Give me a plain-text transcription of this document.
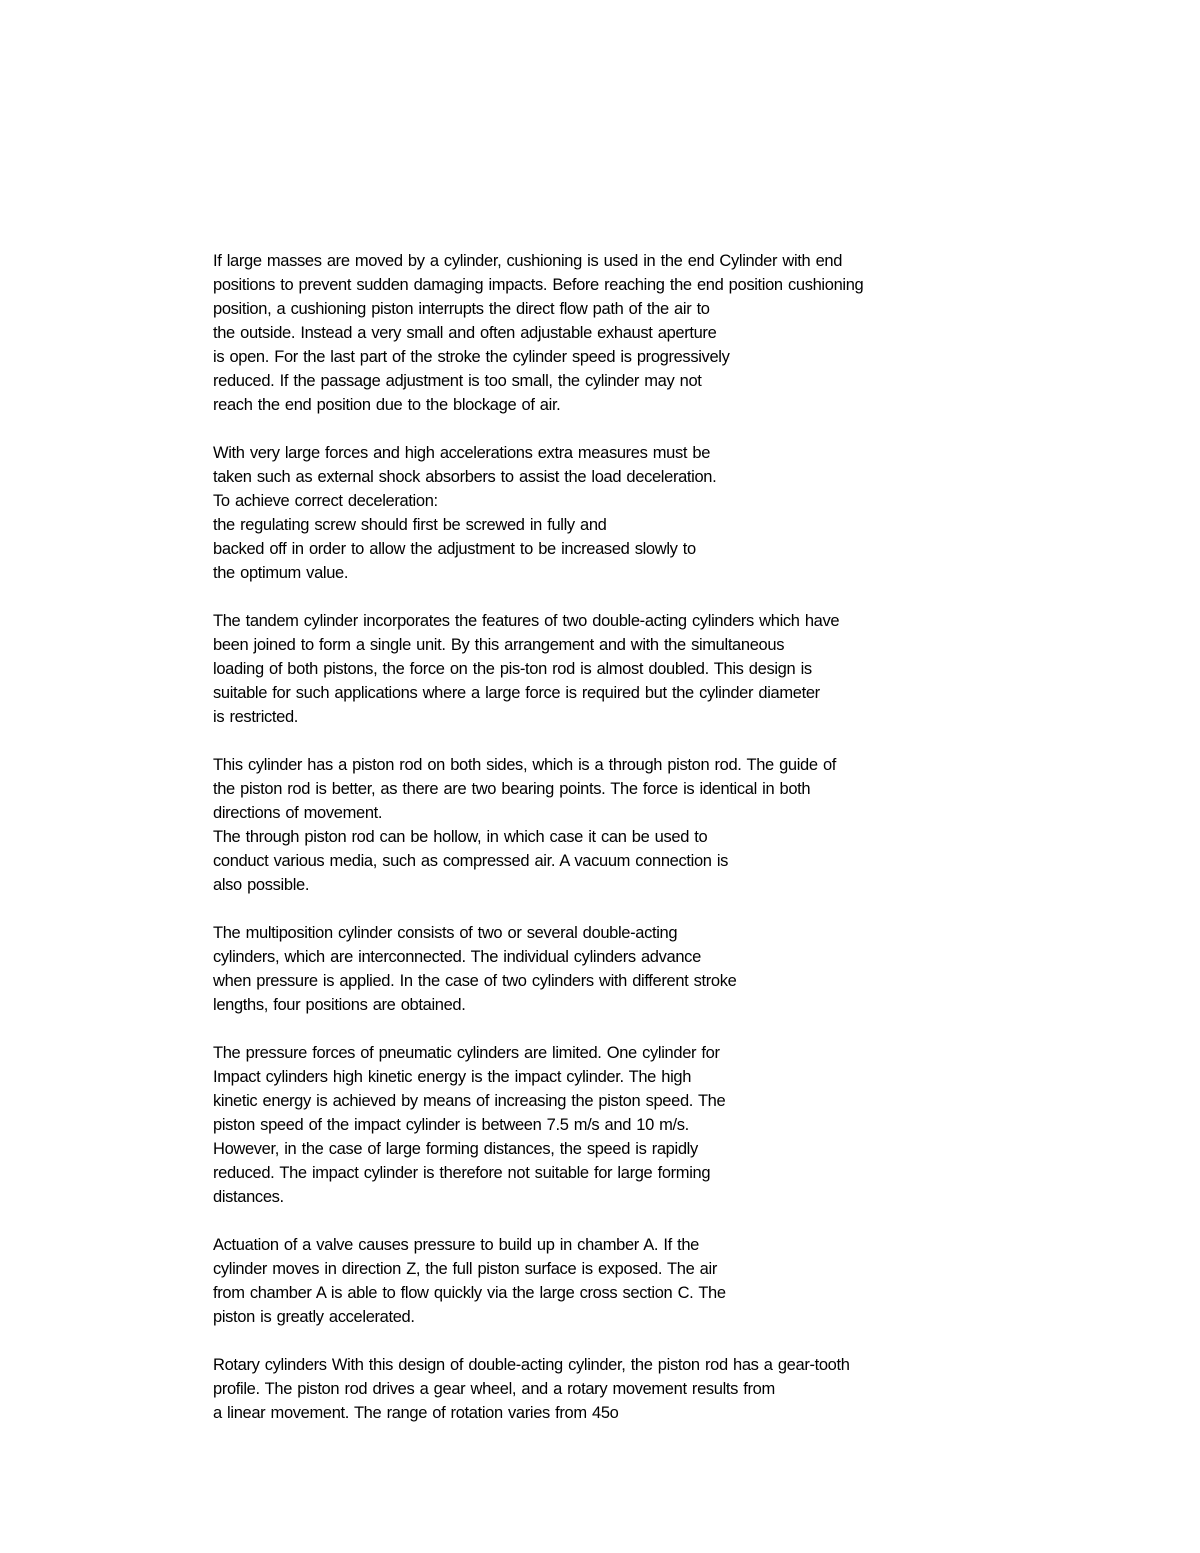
If large masses are moved by a cylinder, cushioning is used in the end Cylinder with end
positions to prevent sudden damaging impacts. Before reaching the end position cushioning
position, a cushioning piston interrupts the direct flow path of the air to
the outside. Instead a very small and often adjustable exhaust aperture
is open. For the last part of the stroke the cylinder speed is progressively
reduced. If the passage adjustment is too small, the cylinder may not
reach the end position due to the blockage of air.
With very large forces and high accelerations extra measures must be
taken such as external shock absorbers to assist the load deceleration.
To achieve correct deceleration:
the regulating screw should first be screwed in fully and
backed off in order to allow the adjustment to be increased slowly to
the optimum value.
The tandem cylinder incorporates the features of two double-acting cylinders which have
been joined to form a single unit. By this arrangement and with the simultaneous
loading of both pistons, the force on the pis-ton rod is almost doubled. This design is
suitable for such applications where a large force is required but the cylinder diameter
is restricted.
This cylinder has a piston rod on both sides, which is a through piston rod. The guide of
the piston rod is better, as there are two bearing points. The force is identical in both
directions of movement.
The through piston rod can be hollow, in which case it can be used to
conduct various media, such as compressed air. A vacuum connection is
also possible.
The multiposition cylinder consists of two or several double-acting
cylinders, which are interconnected. The individual cylinders advance
when pressure is applied. In the case of two cylinders with different stroke
lengths, four positions are obtained.
The pressure forces of pneumatic cylinders are limited. One cylinder for
Impact cylinders high kinetic energy is the impact cylinder. The high
kinetic energy is achieved by means of increasing the piston speed. The
piston speed of the impact cylinder is between 7.5 m/s and 10 m/s.
However, in the case of large forming distances, the speed is rapidly
reduced. The impact cylinder is therefore not suitable for large forming
distances.
Actuation of a valve causes pressure to build up in chamber A. If the
cylinder moves in direction Z, the full piston surface is exposed. The air
from chamber A is able to flow quickly via the large cross section C. The
piston is greatly accelerated.
Rotary cylinders With this design of double-acting cylinder, the piston rod has a gear-tooth
profile. The piston rod drives a gear wheel, and a rotary movement results from
a linear movement. The range of rotation varies from 45o
